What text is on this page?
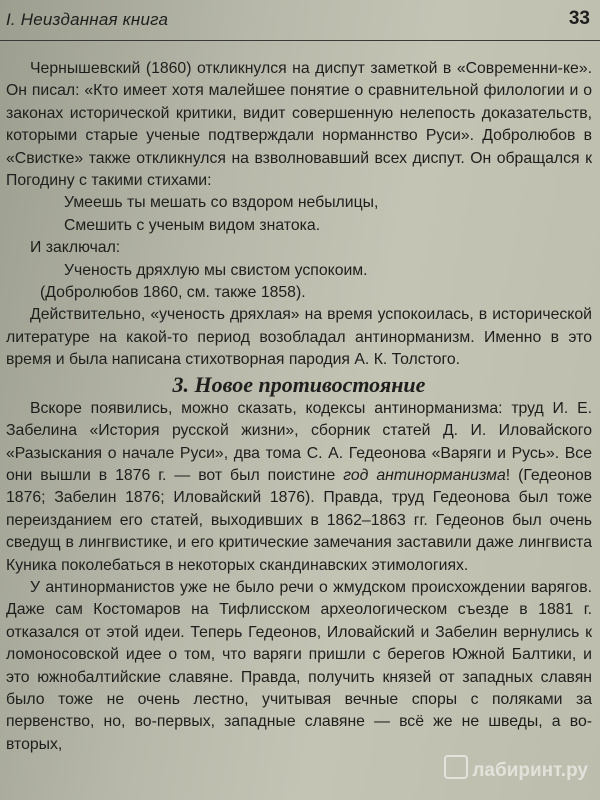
I. Неизданная книга	33

Чернышевский (1860) откликнулся на диспут заметкой в «Современни-ке». Он писал: «Кто имеет хотя малейшее понятие о сравнительной филологии и о законах исторической критики, видит совершенную нелепость доказательств, которыми старые ученые подтверждали норманнство Руси». Добролюбов в «Свистке» также откликнулся на взволновавший всех диспут. Он обращался к Погодину с такими стихами:

Умеешь ты мешать со вздором небылицы,

Смешить с ученым видом знатока.

И заключал:

Ученость дряхлую мы свистом успокоим.

(Добролюбов 1860, см. также 1858).

Действительно, «ученость дряхлая» на время успокоилась, в исторической литературе на какой-то период возобладал антинорманизм. Именно в это время и была написана стихотворная пародия А. К. Толстого.

3. Новое противостояние

Вскоре появились, можно сказать, кодексы антинорманизма: труд И. Е. Забелина «История русской жизни», сборник статей Д. И. Иловайского «Разыскания о начале Руси», два тома С. А. Гедеонова «Варяги и Русь». Все они вышли в 1876 г. — вот был поистине год антинорманизма! (Гедеонов 1876; Забелин 1876; Иловайский 1876). Правда, труд Гедеонова был тоже переизданием его статей, выходивших в 1862–1863 гг. Гедеонов был очень сведущ в лингвистике, и его критические замечания заставили даже лингвиста Куника поколебаться в некоторых скандинавских этимологиях.

У антинорманистов уже не было речи о жмудском происхождении варягов. Даже сам Костомаров на Тифлисском археологическом съезде в 1881 г. отказался от этой идеи. Теперь Гедеонов, Иловайский и Забелин вернулись к ломоносовской идее о том, что варяги пришли с берегов Южной Балтики, и это южнобалтийские славяне. Правда, получить князей от западных славян было тоже не очень лестно, учитывая вечные споры с поляками за первенство, но, во-первых, западные славяне — всё же не шведы, а во-вторых,

лабиринт.ру
